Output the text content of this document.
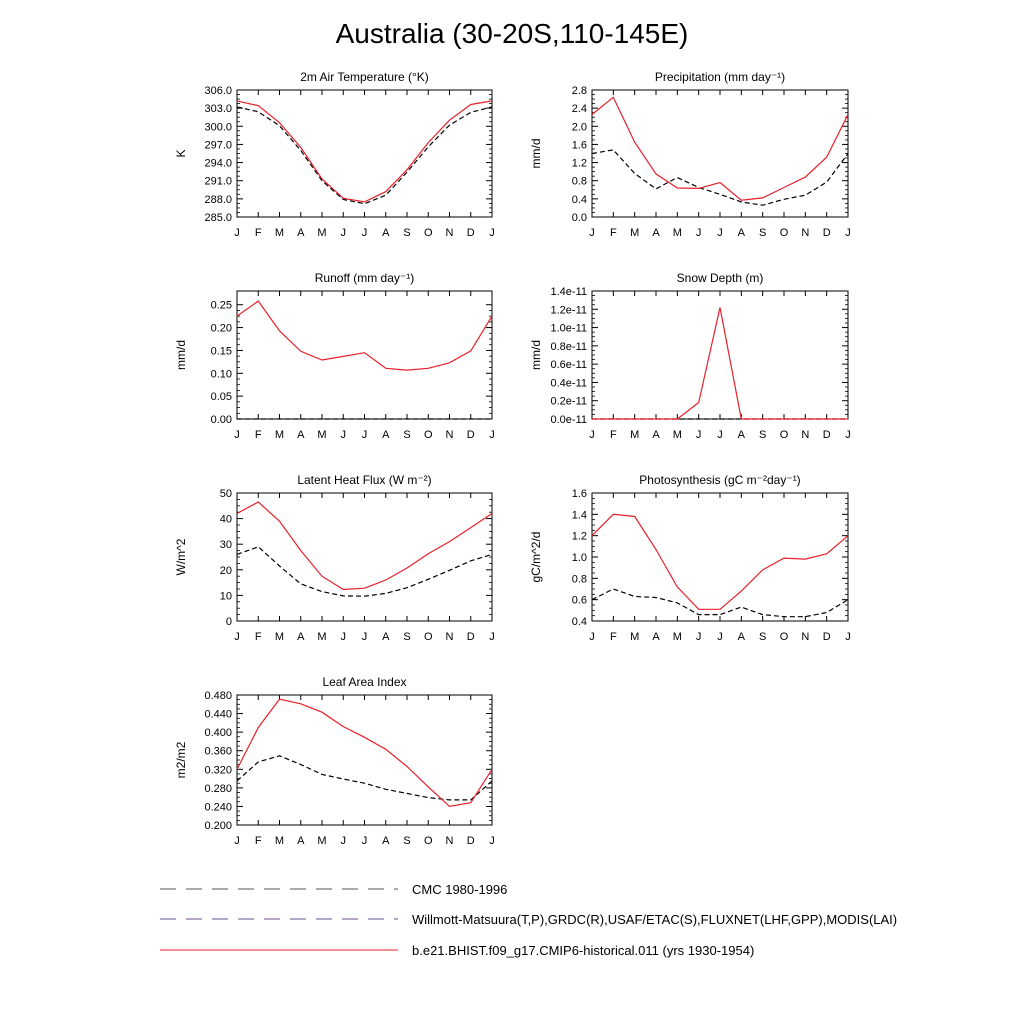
Australia (30-20S,110-145E)
2m Air Temperature (°K)
K
J F M A M J J A S O N D J
285.0
288.0
291.0
294.0
297.0
300.0
303.0
306.0
Precipitation (mm day⁻¹)
mm/d
J F M A M J J A S O N D J
0.0
0.4
0.8
1.2
1.6
2.0
2.4
2.8
Runoff (mm day⁻¹)
mm/d
J F M A M J J A S O N D J
0.00
0.05
0.10
0.15
0.20
0.25
Snow Depth (m)
mm/d
J F M A M J J A S O N D J
0.0e-11
0.2e-11
0.4e-11
0.6e-11
0.8e-11
1.0e-11
1.2e-11
1.4e-11
Latent Heat Flux (W m⁻²)
W/m^2
J F M A M J J A S O N D J
0
10
20
30
40
50
Photosynthesis (gC m⁻²day⁻¹)
gC/m^2/d
J F M A M J J A S O N D J
0.4
0.6
0.8
1.0
1.2
1.4
1.6
Leaf Area Index
m2/m2
J F M A M J J A S O N D J
0.200
0.240
0.280
0.320
0.360
0.400
0.440
0.480
CMC 1980-1996
Willmott-Matsuura(T,P),GRDC(R),USAF/ETAC(S),FLUXNET(LHF,GPP),MODIS(LAI)
b.e21.BHIST.f09_g17.CMIP6-historical.011 (yrs 1930-1954)
